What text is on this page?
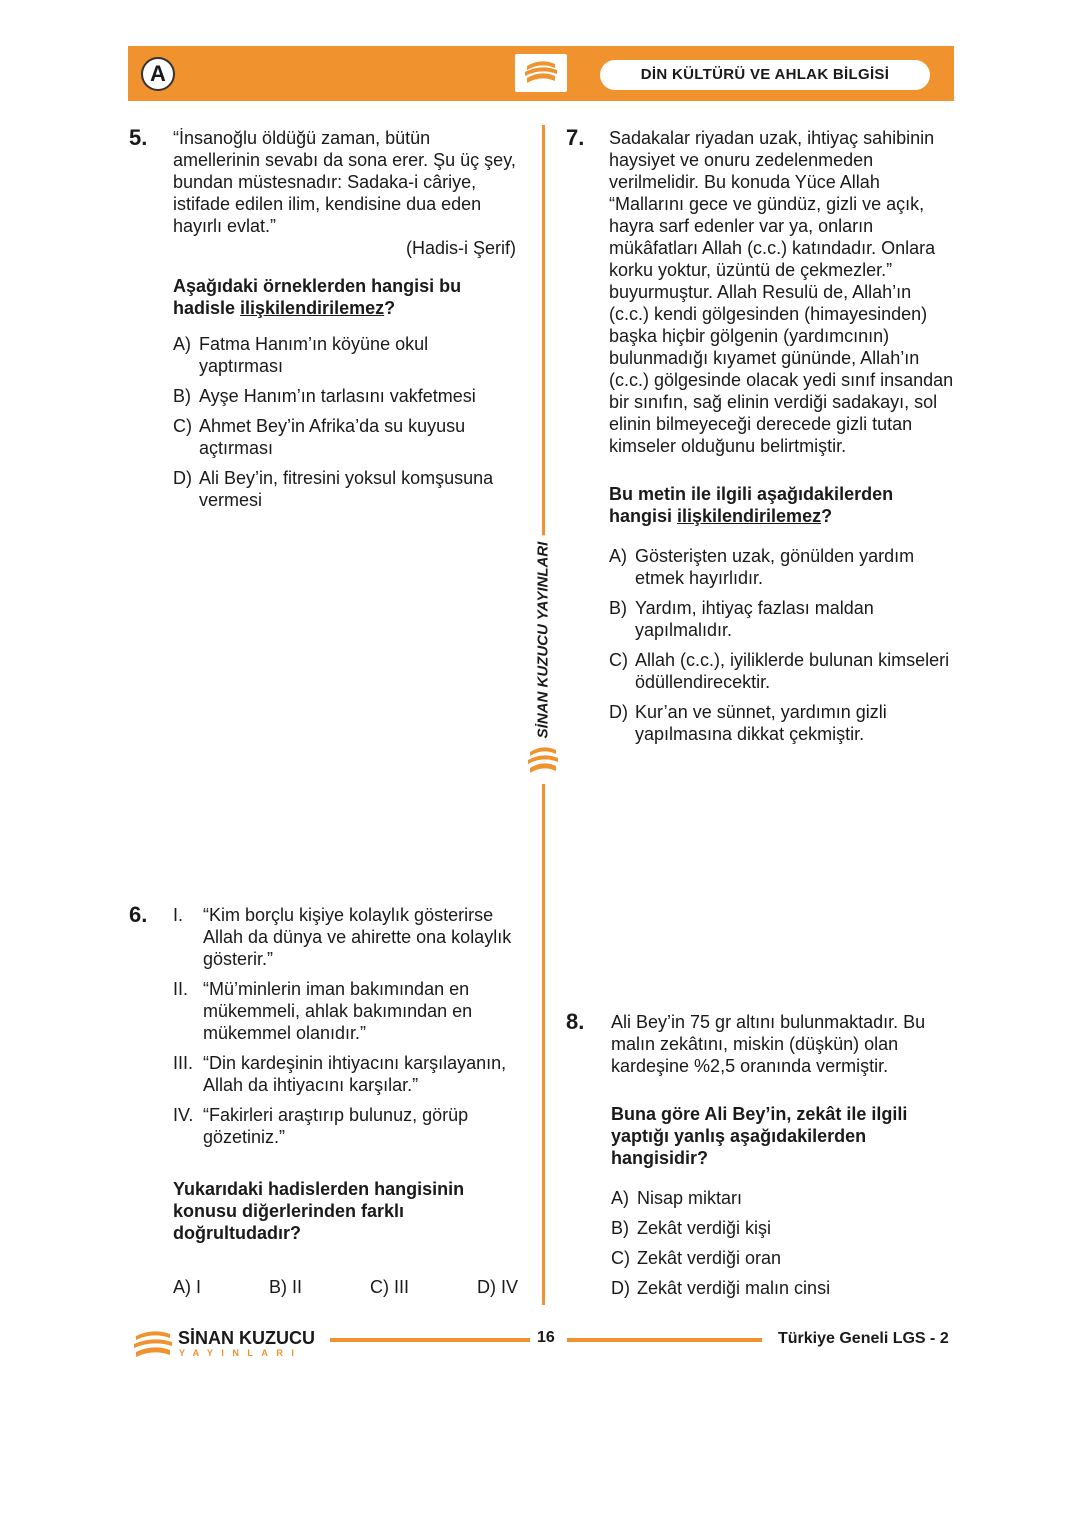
A	DİN KÜLTÜRÜ VE AHLAK BİLGİSİ
SİNAN KUZUCU YAYINLARI
5. “İnsanoğlu öldüğü zaman, bütün amellerinin sevabı da sona erer. Şu üç şey, bundan müstesnadır: Sadaka-i câriye, istifade edilen ilim, kendisine dua eden hayırlı evlat.”

(Hadis-i Şerif)

Aşağıdaki örneklerden hangisi bu hadisle ilişkilendirilemez?

A) Fatma Hanım’ın köyüne okul yaptırması
B) Ayşe Hanım’ın tarlasını vakfetmesi
C) Ahmet Bey’in Afrika’da su kuyusu açtırması
D) Ali Bey’in, fitresini yoksul komşusuna vermesi
6. I.	“Kim borçlu kişiye kolaylık gösterirse Allah da dünya ve ahirette ona kolaylık gösterir.”
II. “Mü’minlerin iman bakımından en mükemmeli, ahlak bakımından en mükemmel olanıdır.”
III. “Din kardeşinin ihtiyacını karşılayanın, Allah da ihtiyacını karşılar.”
IV. “Fakirleri araştırıp bulunuz, görüp gözetiniz.”

Yukarıdaki hadislerden hangisinin konusu diğerlerinden farklı doğrultudadır?

A) I	B) II	C) III	D) IV
7. Sadakalar riyadan uzak, ihtiyaç sahibinin haysiyet ve onuru zedelenmeden verilmelidir. Bu konuda Yüce Allah “Mallarını gece ve gündüz, gizli ve açık, hayra sarf edenler var ya, onların mükâfatları Allah (c.c.) katındadır. Onlara korku yoktur, üzüntü de çekmezler.” buyurmuştur. Allah Resulü de, Allah’ın (c.c.) kendi gölgesinden (himayesinden) başka hiçbir gölgenin (yardımcının) bulunmadığı kıyamet gününde, Allah’ın (c.c.) gölgesinde olacak yedi sınıf insandan bir sınıfın, sağ elinin verdiği sadakayı, sol elinin bilmeyeceği derecede gizli tutan kimseler olduğunu belirtmiştir.

Bu metin ile ilgili aşağıdakilerden hangisi ilişkilendirilemez?

A) Gösterişten uzak, gönülden yardım etmek hayırlıdır.
B) Yardım, ihtiyaç fazlası maldan yapılmalıdır.
C) Allah (c.c.), iyiliklerde bulunan kimseleri ödüllendirecektir.
D) Kur’an ve sünnet, yardımın gizli yapılmasına dikkat çekmiştir.
8. Ali Bey’in 75 gr altını bulunmaktadır. Bu malın zekâtını, miskin (düşkün) olan kardeşine %2,5 oranında vermiştir.

Buna göre Ali Bey’in, zekât ile ilgili yaptığı yanlış aşağıdakilerden hangisidir?

A) Nisap miktarı
B) Zekât verdiği kişi
C) Zekât verdiği oran
D) Zekât verdiği malın cinsi
SİNAN KUZUCU
YAYINLARI
16	Türkiye Geneli LGS - 2
